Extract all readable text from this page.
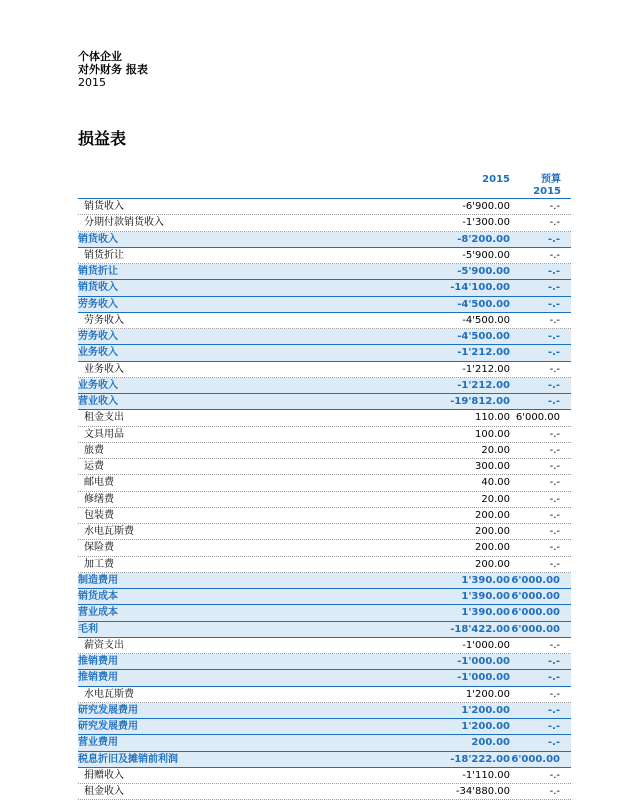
个体企业
对外财务 报表
2015
损益表
2015	预算
2015
销货收入	-6'900.00	-.-
分期付款销货收入	-1'300.00	-.-
销货收入	-8'200.00	-.-
销货折让	-5'900.00	-.-
销货折让	-5'900.00	-.-
销货收入	-14'100.00	-.-
劳务收入	-4'500.00	-.-
劳务收入	-4'500.00	-.-
劳务收入	-4'500.00	-.-
业务收入	-1'212.00	-.-
业务收入	-1'212.00	-.-
业务收入	-1'212.00	-.-
营业收入	-19'812.00	-.-
租金支出	110.00 6'000.00
文具用品	100.00	-.-
旅费	20.00	-.-
运费	300.00	-.-
邮电费	40.00	-.-
修缮费	20.00	-.-
包装费	200.00	-.-
水电瓦斯费	200.00	-.-
保险费	200.00	-.-
加工费	200.00	-.-
制造费用	1'390.00 6'000.00
销货成本	1'390.00 6'000.00
营业成本	1'390.00 6'000.00
毛利	-18'422.00 6'000.00
薪资支出	-1'000.00	-.-
推销费用	-1'000.00	-.-
推销费用	-1'000.00	-.-
水电瓦斯费	1'200.00	-.-
研究发展费用	1'200.00	-.-
研究发展费用	1'200.00	-.-
营业费用	200.00	-.-
税息折旧及摊销前利润	-18'222.00 6'000.00
捐赠收入	-1'110.00	-.-
租金收入	-34'880.00	-.-
